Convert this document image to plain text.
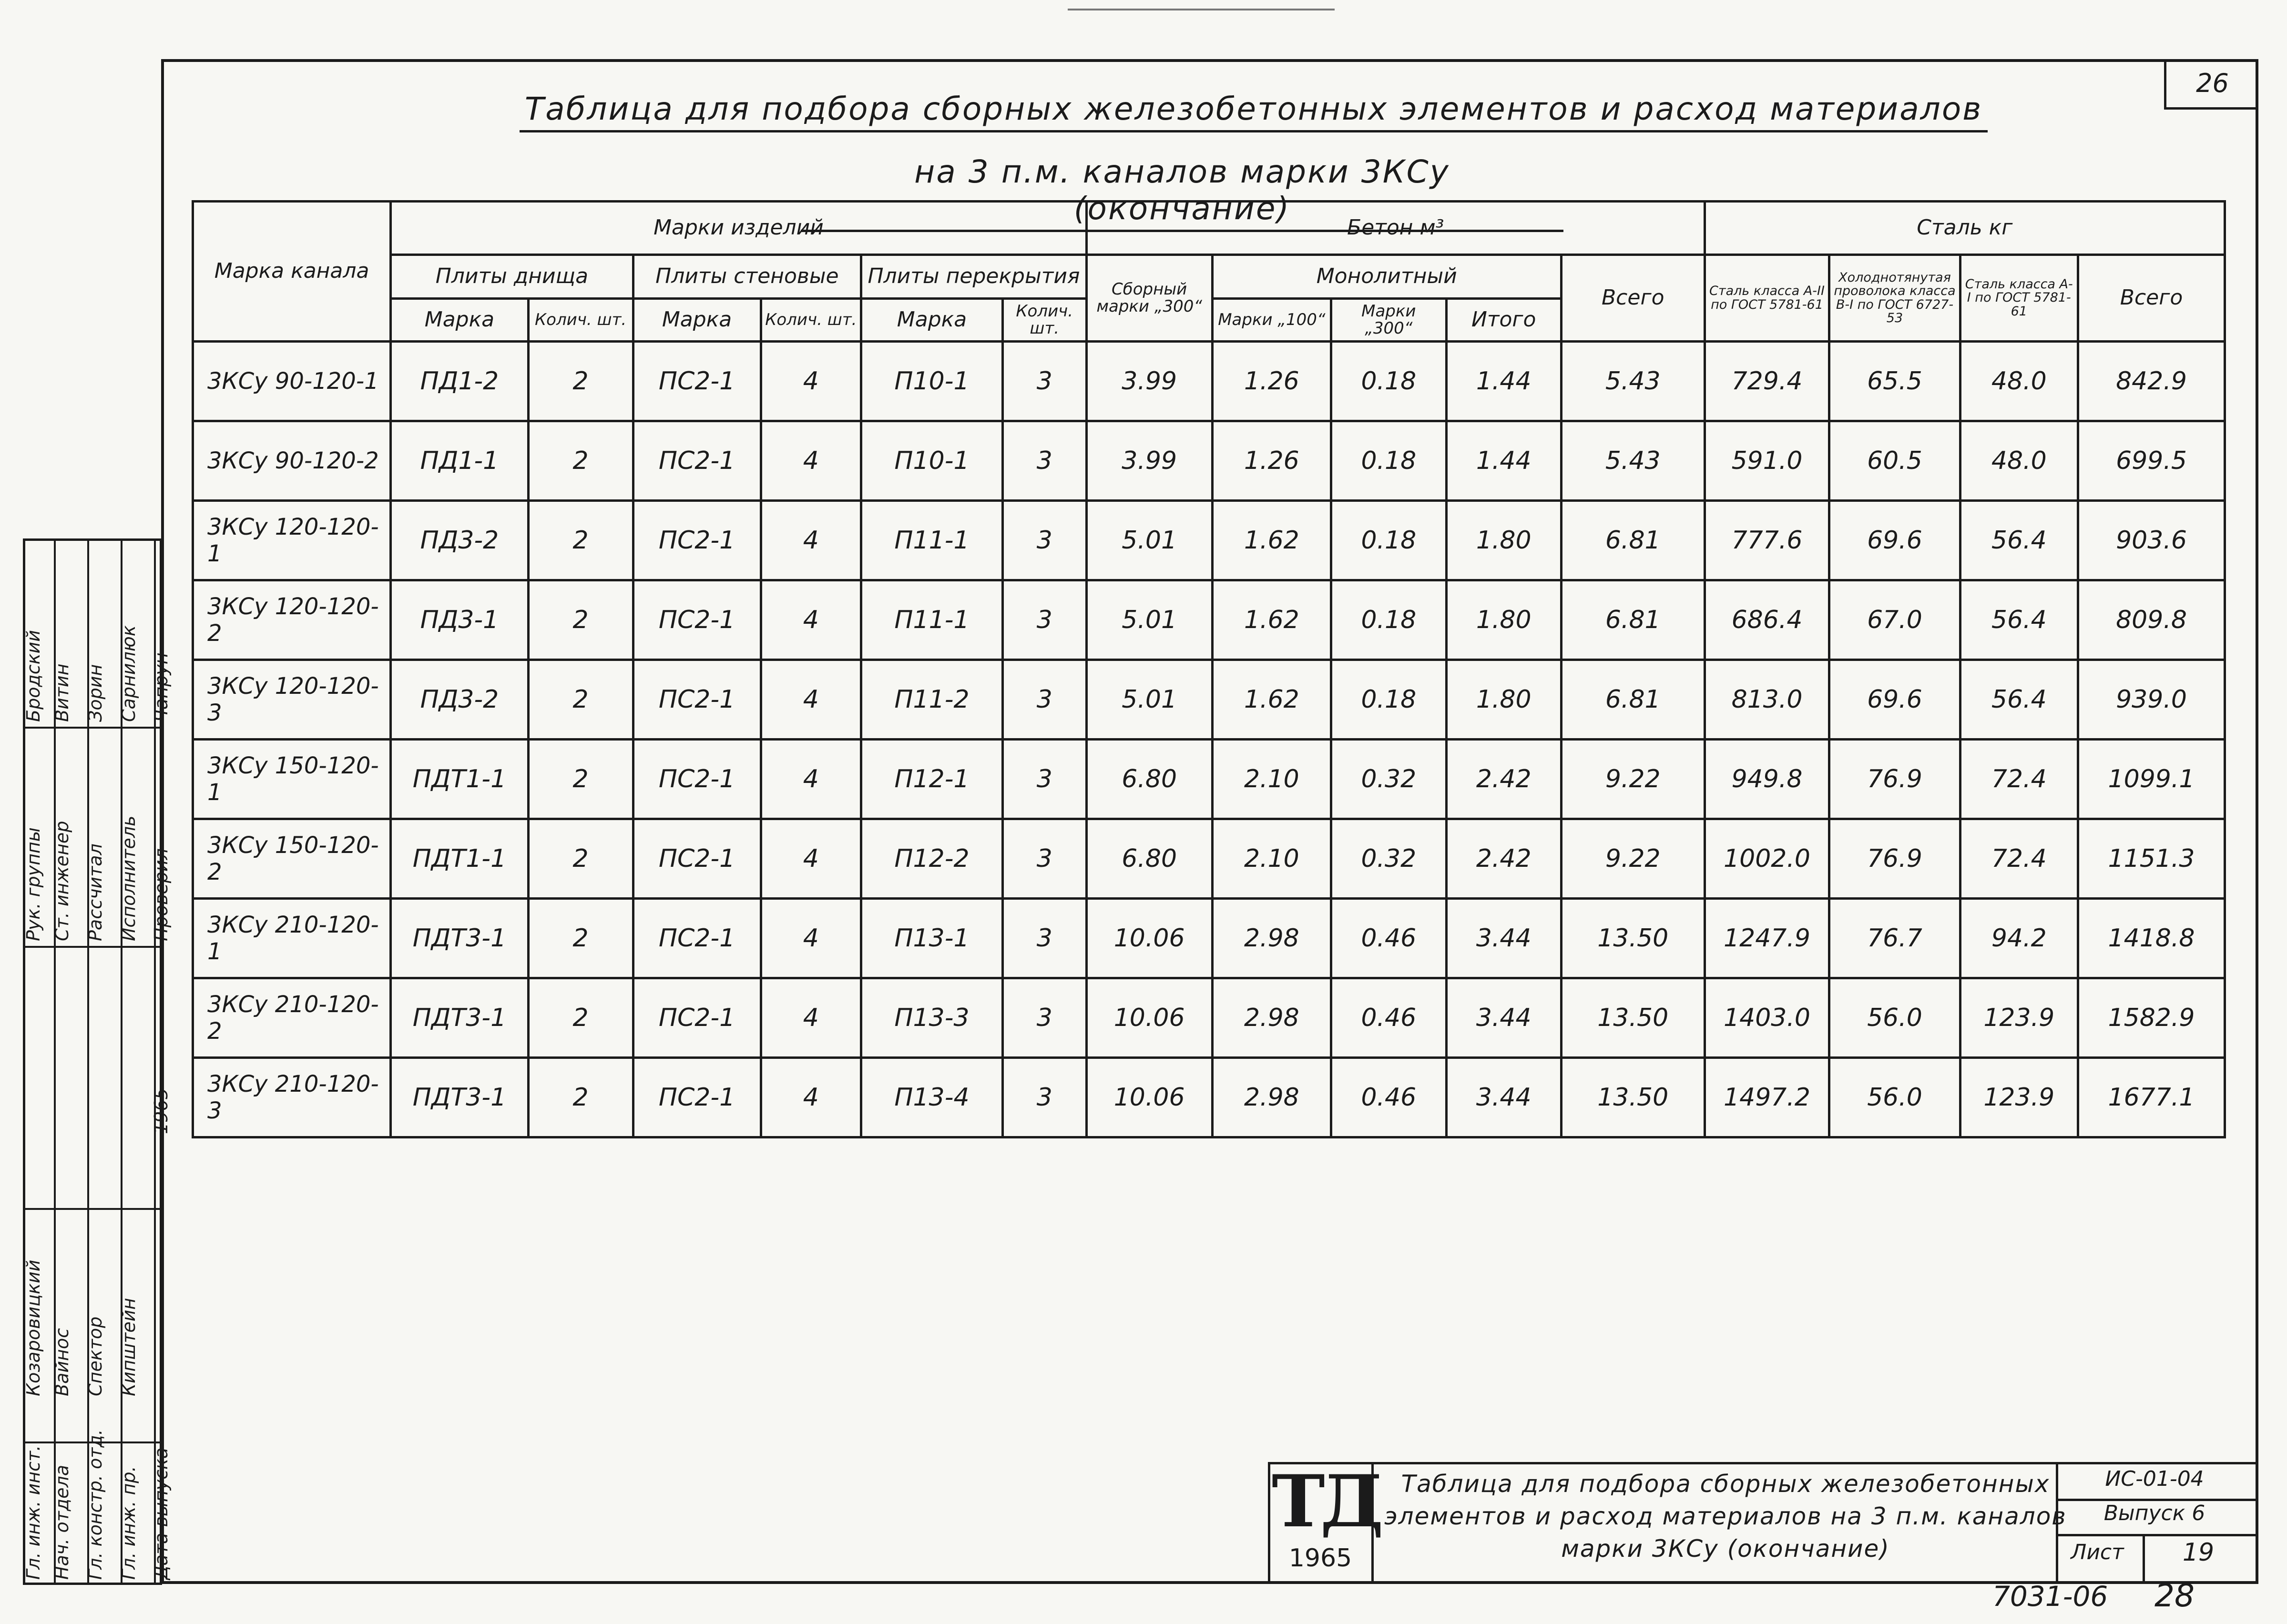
26
Таблица для подбора сборных железобетонных элементов и расход материалов
на 3 п.м. каналов марки 3КСу (окончание)
Марка канала	Марки изделий						Бетон м³					Сталь кг			
	Плиты днища		Плиты стеновые		Плиты перекрытия		Сборный марки „300“	Монолитный			Всего	Сталь класса А-II по ГОСТ 5781-61	Холоднотянутая проволока класса В-I по ГОСТ 6727-53	Сталь класса А-I по ГОСТ 5781-61	Всего
	Марка	Колич. шт.	Марка	Колич. шт.	Марка	Колич. шт.		Марки „100“	Марки „300“	Итого					
3КСу 90-120-1	ПД1-2	2	ПС2-1	4	П10-1	3	3.99	1.26	0.18	1.44	5.43	729.4	65.5	48.0	842.9
3КСу 90-120-2	ПД1-1	2	ПС2-1	4	П10-1	3	3.99	1.26	0.18	1.44	5.43	591.0	60.5	48.0	699.5
3КСу 120-120-1	ПД3-2	2	ПС2-1	4	П11-1	3	5.01	1.62	0.18	1.80	6.81	777.6	69.6	56.4	903.6
3КСу 120-120-2	ПД3-1	2	ПС2-1	4	П11-1	3	5.01	1.62	0.18	1.80	6.81	686.4	67.0	56.4	809.8
3КСу 120-120-3	ПД3-2	2	ПС2-1	4	П11-2	3	5.01	1.62	0.18	1.80	6.81	813.0	69.6	56.4	939.0
3КСу 150-120-1	ПДТ1-1	2	ПС2-1	4	П12-1	3	6.80	2.10	0.32	2.42	9.22	949.8	76.9	72.4	1099.1
3КСу 150-120-2	ПДТ1-1	2	ПС2-1	4	П12-2	3	6.80	2.10	0.32	2.42	9.22	1002.0	76.9	72.4	1151.3
3КСу 210-120-1	ПДТ3-1	2	ПС2-1	4	П13-1	3	10.06	2.98	0.46	3.44	13.50	1247.9	76.7	94.2	1418.8
3КСу 210-120-2	ПДТ3-1	2	ПС2-1	4	П13-3	3	10.06	2.98	0.46	3.44	13.50	1403.0	56.0	123.9	1582.9
3КСу 210-120-3	ПДТ3-1	2	ПС2-1	4	П13-4	3	10.06	2.98	0.46	3.44	13.50	1497.2	56.0	123.9	1677.1
Рук. группы Ст. инженер Рассчитал Исполнитель Проверил
Бродский Витин Зорин Сарнилюк Чапрун
1965
Гл. инж. инст. Нач. отдела Гл. констр. отд. Гл. инж. пр. Дата выпуска
Козаровицкий Вайнос Спектор Кипштейн
ТД
1965
Таблица для подбора сборных железобетонных элементов и расход материалов на 3 п.м. каналов марки 3КСу (окончание)
ИС-01-04
Выпуск 6
Лист	19
7031-06 28
